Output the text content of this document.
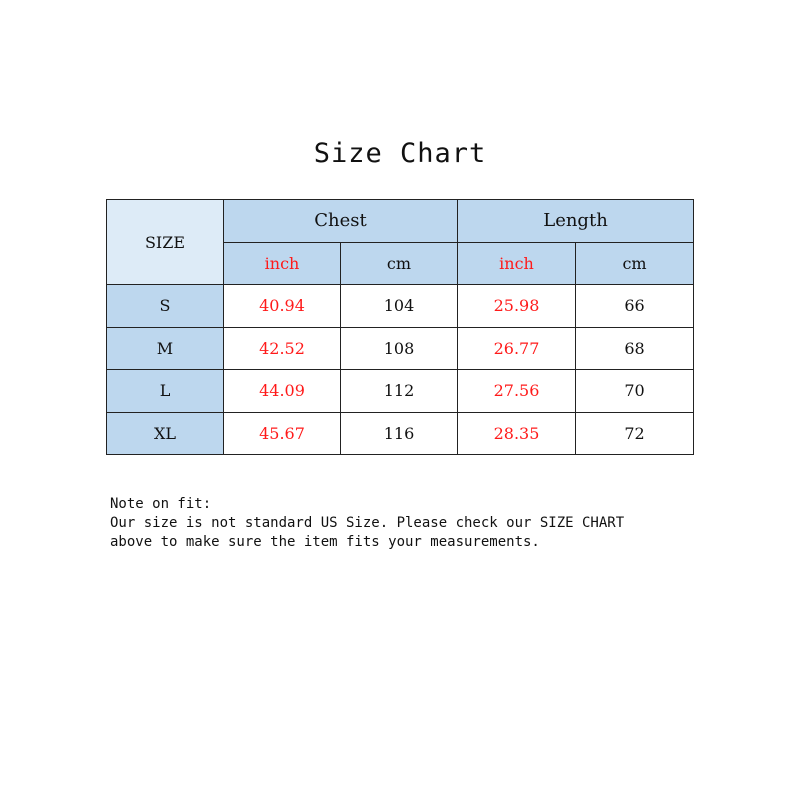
Size Chart
SIZE	Chest		Length	
	inch	cm	inch	cm
S	40.94	104	25.98	66
M	42.52	108	26.77	68
L	44.09	112	27.56	70
XL	45.67	116	28.35	72
Note on fit:
Our size is not standard US Size. Please check our SIZE CHART
above to make sure the item fits your measurements.
